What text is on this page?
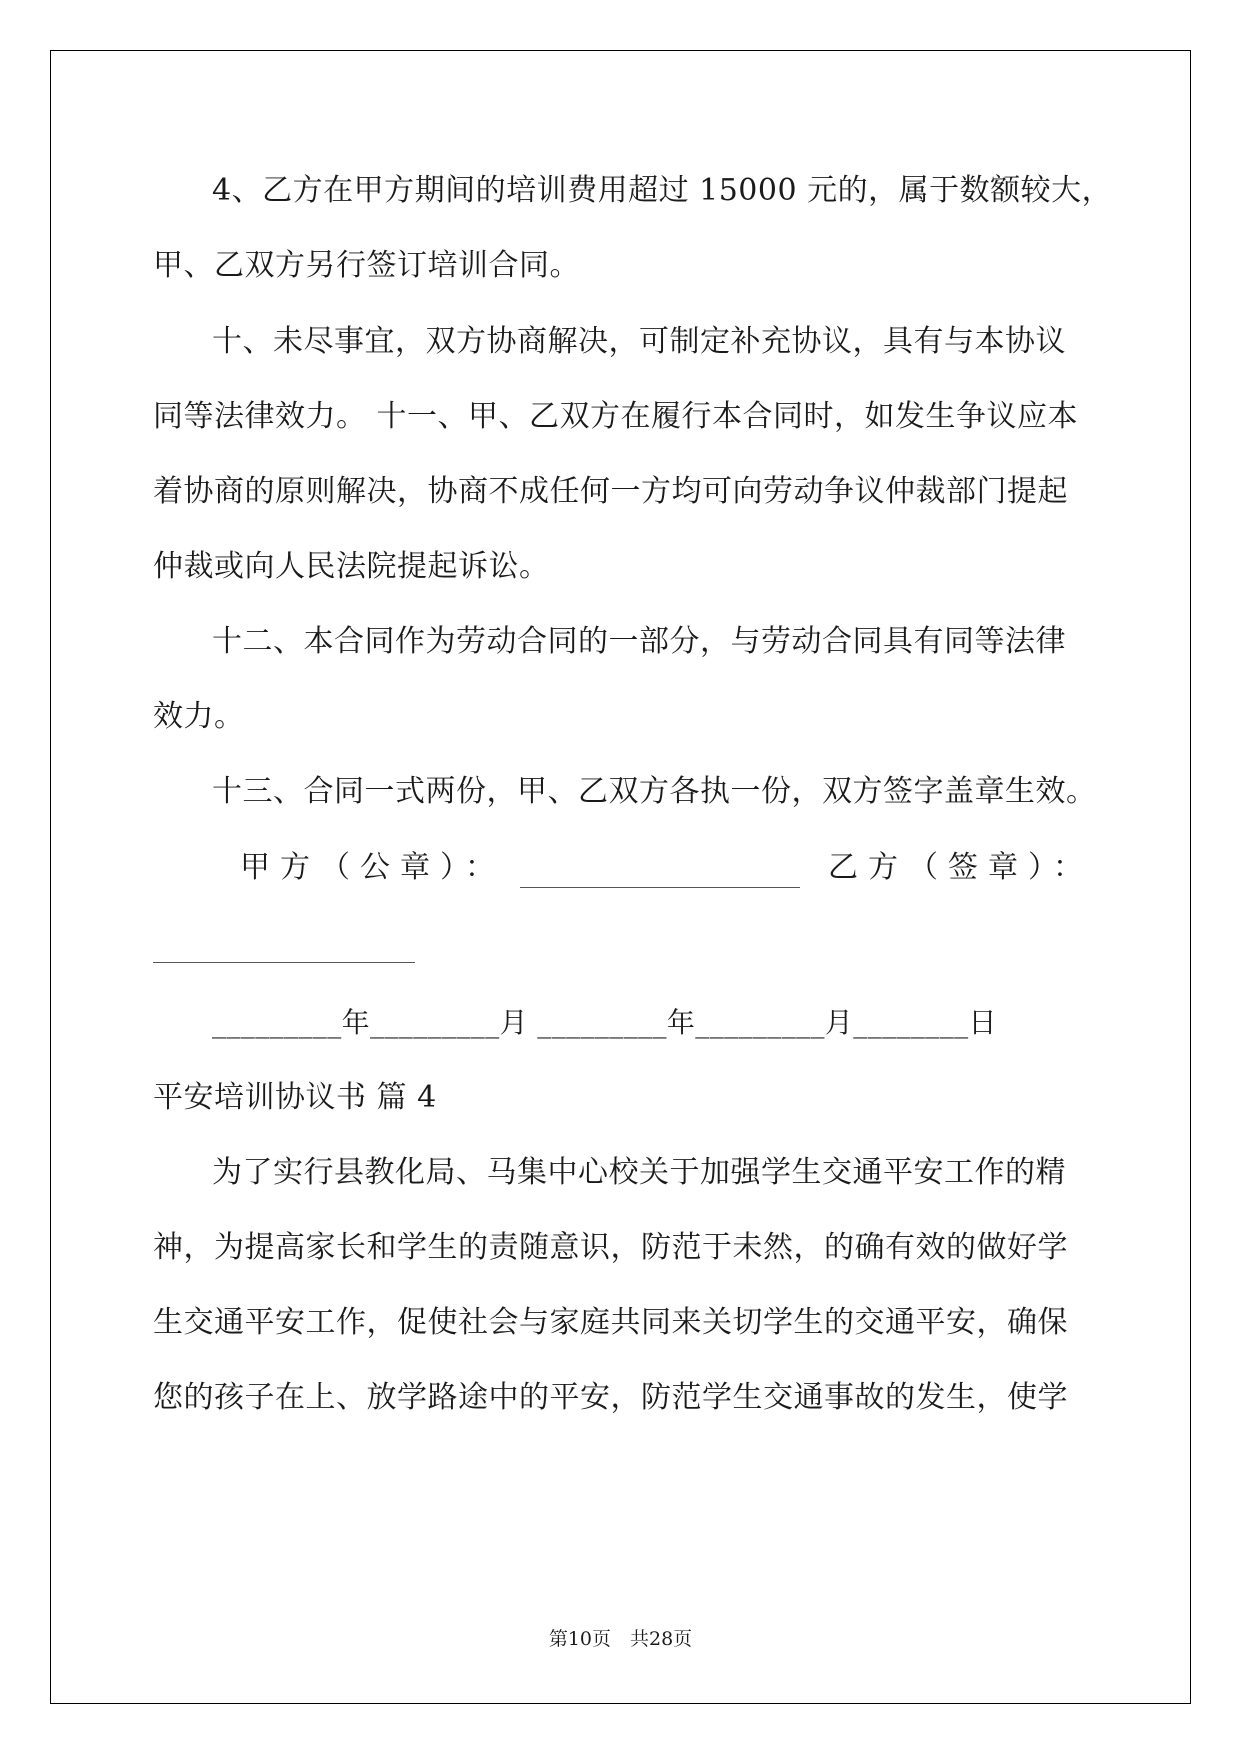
4、乙方在甲方期间的培训费用超过 15000 元的，属于数额较大，

甲、乙双方另行签订培训合同。

十、未尽事宜，双方协商解决，可制定补充协议，具有与本协议

同等法律效力。 十一、甲、乙双方在履行本合同时，如发生争议应本

着协商的原则解决，协商不成任何一方均可向劳动争议仲裁部门提起

仲裁或向人民法院提起诉讼。

十二、本合同作为劳动合同的一部分，与劳动合同具有同等法律

效力。

十三、合同一式两份，甲、乙双方各执一份，双方签字盖章生效。

甲方（公章）：	乙方（签章）：

_________年_________月 _________年_________月________日

平安培训协议书 篇 4

为了实行县教化局、马集中心校关于加强学生交通平安工作的精

神，为提高家长和学生的责随意识，防范于未然，的确有效的做好学

生交通平安工作，促使社会与家庭共同来关切学生的交通平安，确保

您的孩子在上、放学路途中的平安，防范学生交通事故的发生，使学

第10页　共28页
